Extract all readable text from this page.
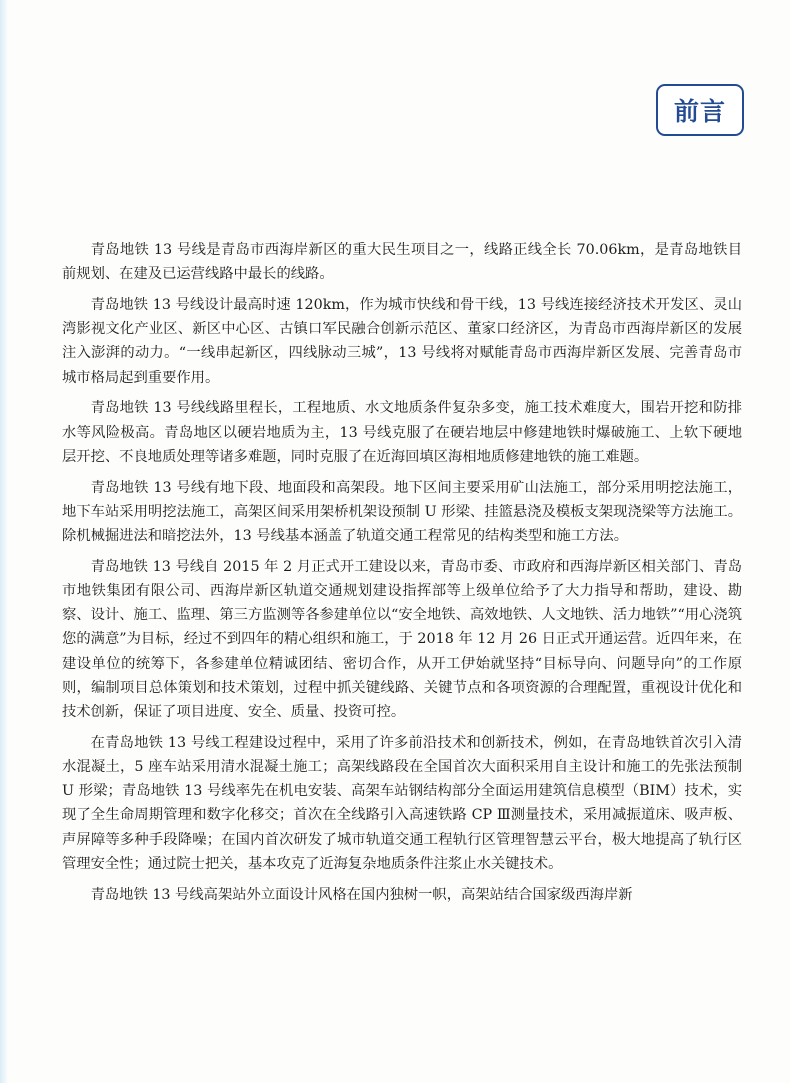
前言

青岛地铁 13 号线是青岛市西海岸新区的重大民生项目之一，线路正线全长 70.06km，是青岛地铁目前规划、在建及已运营线路中最长的线路。

青岛地铁 13 号线设计最高时速 120km，作为城市快线和骨干线，13 号线连接经济技术开发区、灵山湾影视文化产业区、新区中心区、古镇口军民融合创新示范区、董家口经济区，为青岛市西海岸新区的发展注入澎湃的动力。“一线串起新区，四线脉动三城”，13 号线将对赋能青岛市西海岸新区发展、完善青岛市城市格局起到重要作用。

青岛地铁 13 号线线路里程长，工程地质、水文地质条件复杂多变，施工技术难度大，围岩开挖和防排水等风险极高。青岛地区以硬岩地质为主，13 号线克服了在硬岩地层中修建地铁时爆破施工、上软下硬地层开挖、不良地质处理等诸多难题，同时克服了在近海回填区海相地质修建地铁的施工难题。

青岛地铁 13 号线有地下段、地面段和高架段。地下区间主要采用矿山法施工，部分采用明挖法施工，地下车站采用明挖法施工，高架区间采用架桥机架设预制 U 形梁、挂篮悬浇及模板支架现浇梁等方法施工。除机械掘进法和暗挖法外，13 号线基本涵盖了轨道交通工程常见的结构类型和施工方法。

青岛地铁 13 号线自 2015 年 2 月正式开工建设以来，青岛市委、市政府和西海岸新区相关部门、青岛市地铁集团有限公司、西海岸新区轨道交通规划建设指挥部等上级单位给予了大力指导和帮助，建设、勘察、设计、施工、监理、第三方监测等各参建单位以“安全地铁、高效地铁、人文地铁、活力地铁”“用心浇筑您的满意”为目标，经过不到四年的精心组织和施工，于 2018 年 12 月 26 日正式开通运营。近四年来，在建设单位的统筹下，各参建单位精诚团结、密切合作，从开工伊始就坚持“目标导向、问题导向”的工作原则，编制项目总体策划和技术策划，过程中抓关键线路、关键节点和各项资源的合理配置，重视设计优化和技术创新，保证了项目进度、安全、质量、投资可控。

在青岛地铁 13 号线工程建设过程中，采用了许多前沿技术和创新技术，例如，在青岛地铁首次引入清水混凝土，5 座车站采用清水混凝土施工；高架线路段在全国首次大面积采用自主设计和施工的先张法预制 U 形梁；青岛地铁 13 号线率先在机电安装、高架车站钢结构部分全面运用建筑信息模型（BIM）技术，实现了全生命周期管理和数字化移交；首次在全线路引入高速铁路 CP Ⅲ测量技术，采用减振道床、吸声板、声屏障等多种手段降噪；在国内首次研发了城市轨道交通工程轨行区管理智慧云平台，极大地提高了轨行区管理安全性；通过院士把关，基本攻克了近海复杂地质条件注浆止水关键技术。

青岛地铁 13 号线高架站外立面设计风格在国内独树一帜，高架站结合国家级西海岸新
